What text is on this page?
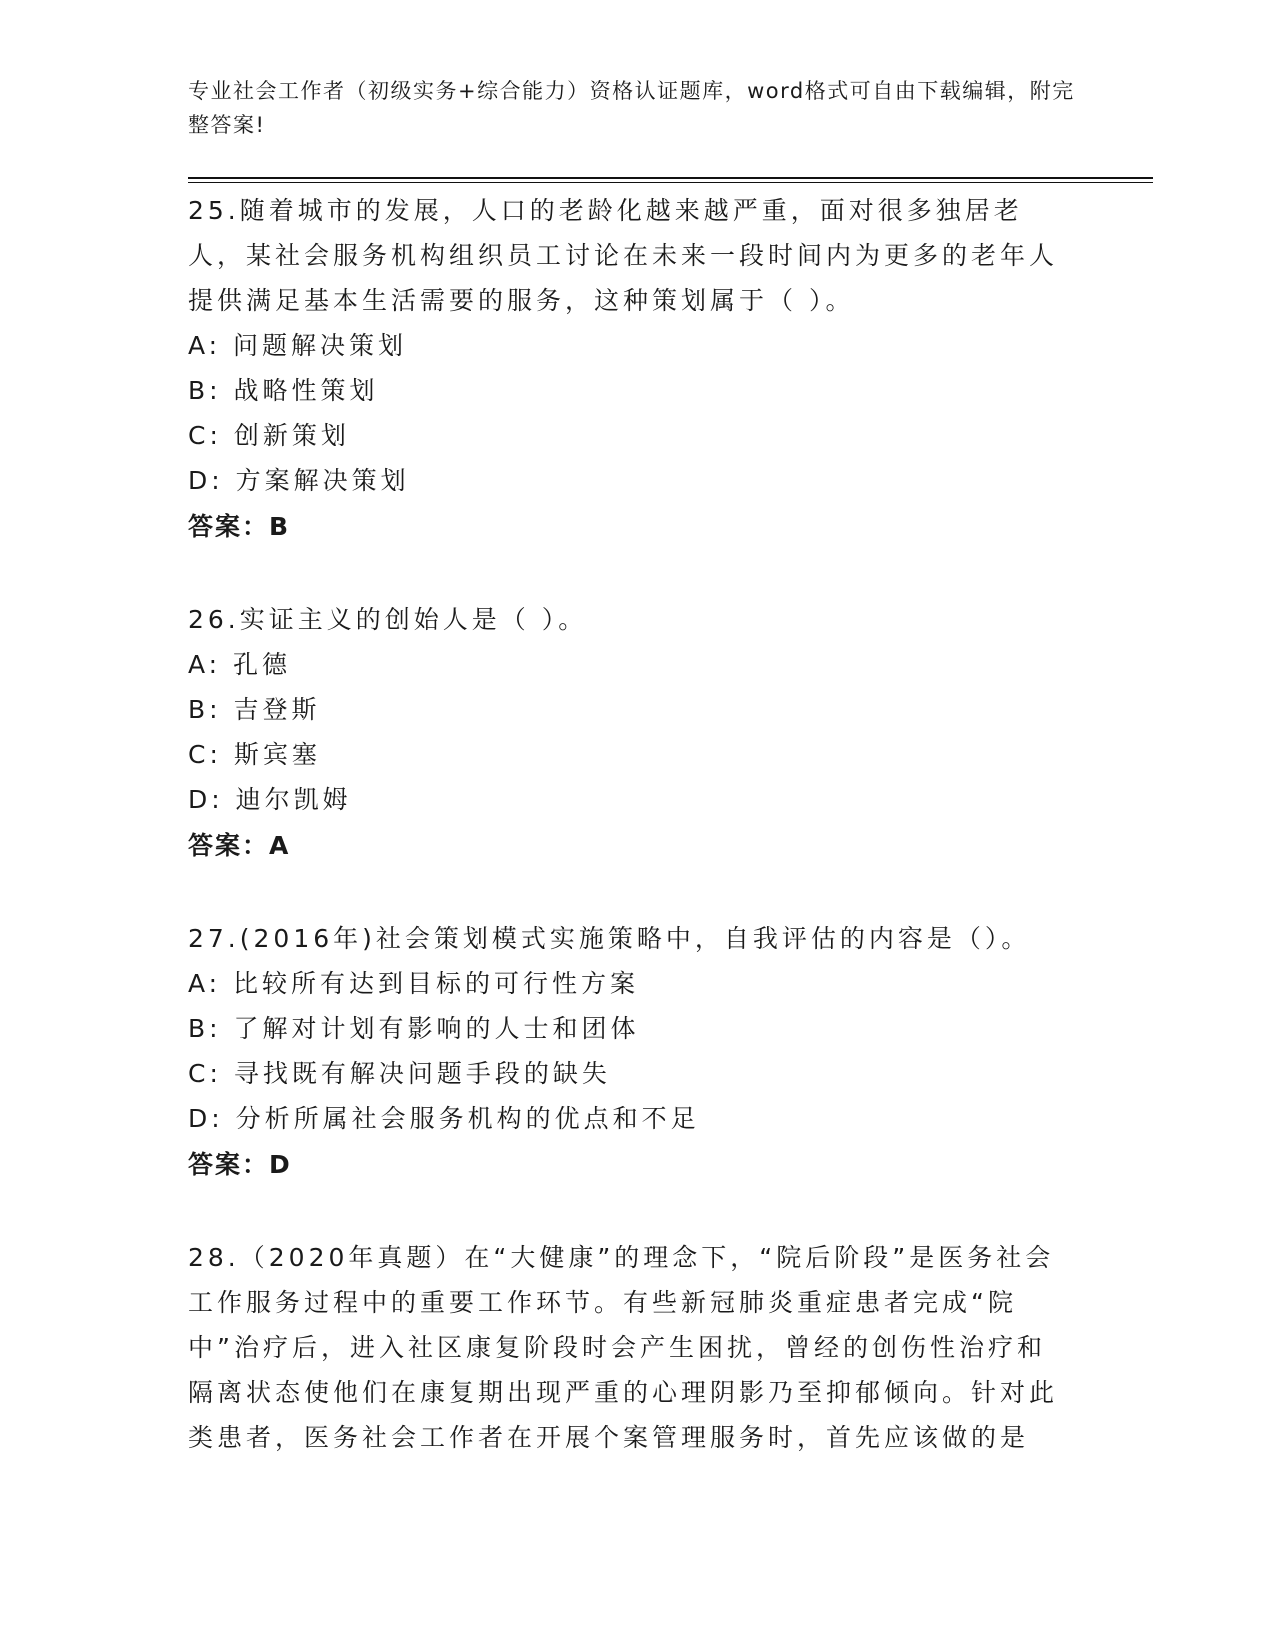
专业社会工作者（初级实务+综合能力）资格认证题库，word格式可自由下载编辑，附完整答案!
25.随着城市的发展，人口的老龄化越来越严重，面对很多独居老人，某社会服务机构组织员工讨论在未来一段时间内为更多的老年人提供满足基本生活需要的服务，这种策划属于（ ）。
A: 问题解决策划
B: 战略性策划
C: 创新策划
D: 方案解决策划
答案：B
26.实证主义的创始人是（ ）。
A: 孔德
B: 吉登斯
C: 斯宾塞
D: 迪尔凯姆
答案：A
27.(2016年)社会策划模式实施策略中，自我评估的内容是（）。
A: 比较所有达到目标的可行性方案
B: 了解对计划有影响的人士和团体
C: 寻找既有解决问题手段的缺失
D: 分析所属社会服务机构的优点和不足
答案：D
28.（2020年真题）在“大健康”的理念下，“院后阶段”是医务社会工作服务过程中的重要工作环节。有些新冠肺炎重症患者完成“院中”治疗后，进入社区康复阶段时会产生困扰，曾经的创伤性治疗和隔离状态使他们在康复期出现严重的心理阴影乃至抑郁倾向。针对此类患者，医务社会工作者在开展个案管理服务时，首先应该做的是
